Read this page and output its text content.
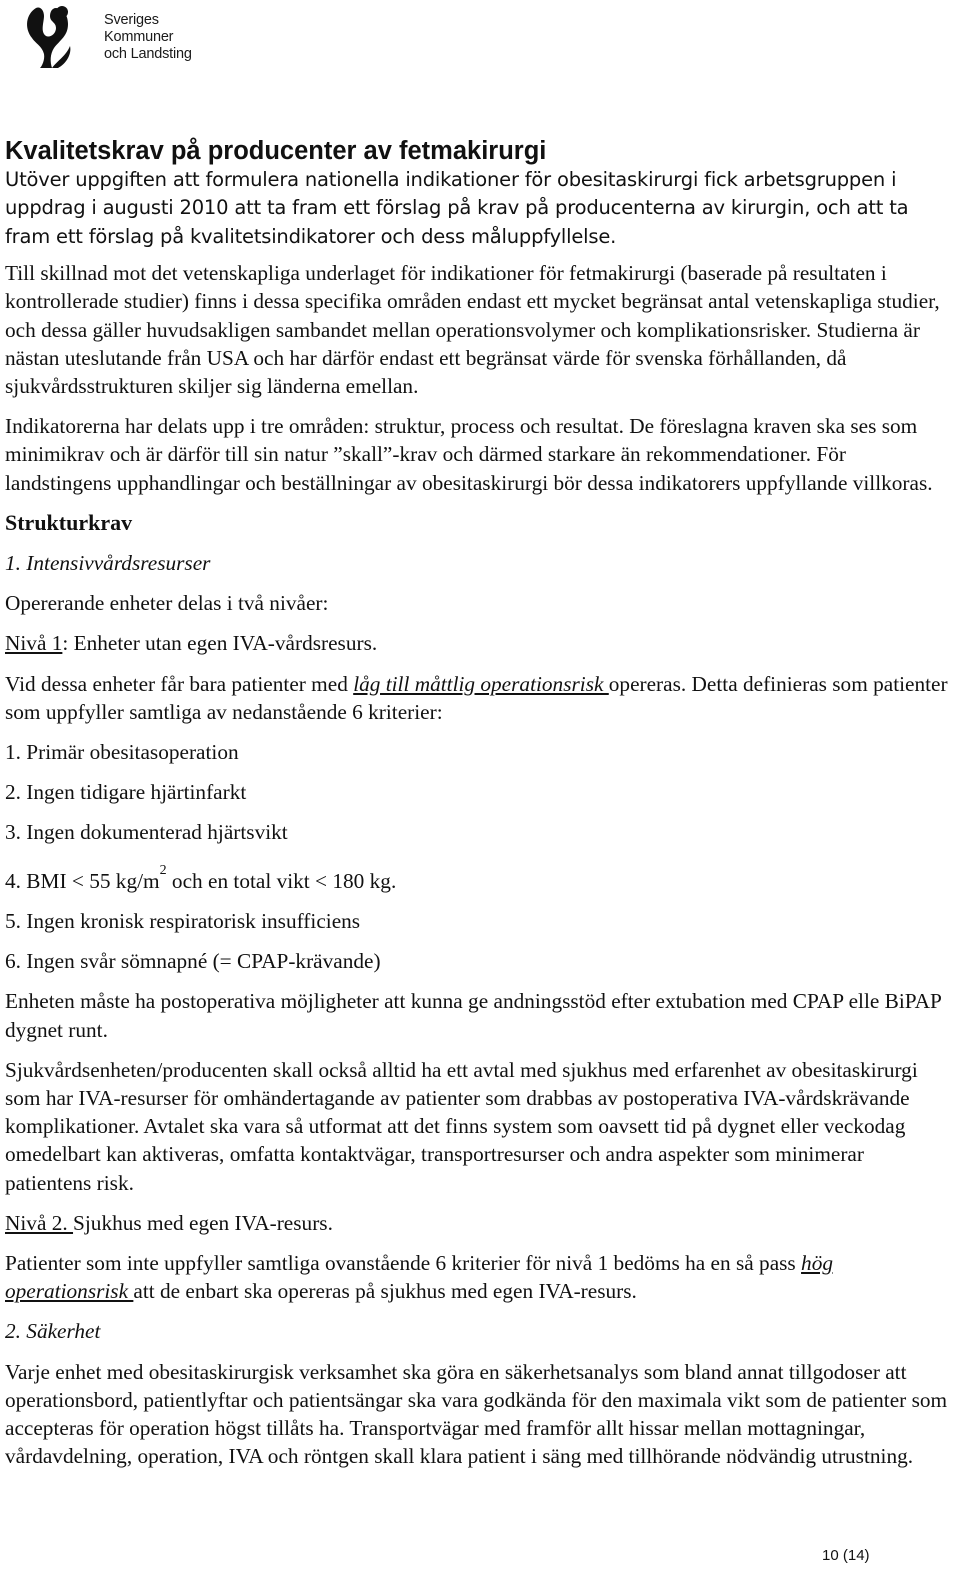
Sveriges
Kommuner
och Landsting
Kvalitetskrav på producenter av fetmakirurgi

Utöver uppgiften att formulera nationella indikationer för obesitaskirurgi fick arbetsgruppen i uppdrag i augusti 2010 att ta fram ett förslag på krav på producenterna av kirurgin, och att ta fram ett förslag på kvalitetsindikatorer och dess måluppfyllelse.

Till skillnad mot det vetenskapliga underlaget för indikationer för fetmakirurgi (baserade på resultaten i kontrollerade studier) finns i dessa specifika områden endast ett mycket begränsat antal vetenskapliga studier, och dessa gäller huvudsakligen sambandet mellan operationsvolymer och komplikationsrisker. Studierna är nästan uteslutande från USA och har därför endast ett begränsat värde för svenska förhållanden, då sjukvårdsstrukturen skiljer sig länderna emellan.

Indikatorerna har delats upp i tre områden: struktur, process och resultat. De föreslagna kraven ska ses som minimikrav och är därför till sin natur ”skall”-krav och därmed starkare än rekommendationer. För landstingens upphandlingar och beställningar av obesitaskirurgi bör dessa indikatorers uppfyllande villkoras.

Strukturkrav
1. Intensivvårdsresurser

Opererande enheter delas i två nivåer:

Nivå 1: Enheter utan egen IVA-vårdsresurs.

Vid dessa enheter får bara patienter med låg till måttlig operationsrisk opereras. Detta definieras som patienter som uppfyller samtliga av nedanstående 6 kriterier:

1. Primär obesitasoperation
2. Ingen tidigare hjärtinfarkt
3. Ingen dokumenterad hjärtsvikt
4. BMI < 55 $kg/m^2$ och en total vikt < 180 kg.
5. Ingen kronisk respiratorisk insufficiens
6. Ingen svår sömnapné (= CPAP-krävande)

Enheten måste ha postoperativa möjligheter att kunna ge andningsstöd efter extubation med CPAP elle BiPAP dygnet runt.

Sjukvårdsenheten/producenten skall också alltid ha ett avtal med sjukhus med erfarenhet av obesitaskirurgi som har IVA-resurser för omhändertagande av patienter som drabbas av postoperativa IVA-vårdskrävande komplikationer. Avtalet ska vara så utformat att det finns system som oavsett tid på dygnet eller veckodag omedelbart kan aktiveras, omfatta kontaktvägar, transportresurser och andra aspekter som minimerar patientens risk.

Nivå 2. Sjukhus med egen IVA-resurs.

Patienter som inte uppfyller samtliga ovanstående 6 kriterier för nivå 1 bedöms ha en så pass hög operationsrisk att de enbart ska opereras på sjukhus med egen IVA-resurs.

2. Säkerhet

Varje enhet med obesitaskirurgisk verksamhet ska göra en säkerhetsanalys som bland annat tillgodoser att operationsbord, patientlyftar och patientsängar ska vara godkända för den maximala vikt som de patienter som accepteras för operation högst tillåts ha. Transportvägar med framför allt hissar mellan mottagningar, vårdavdelning, operation, IVA och röntgen skall klara patient i säng med tillhörande nödvändig utrustning.

10 (14)
